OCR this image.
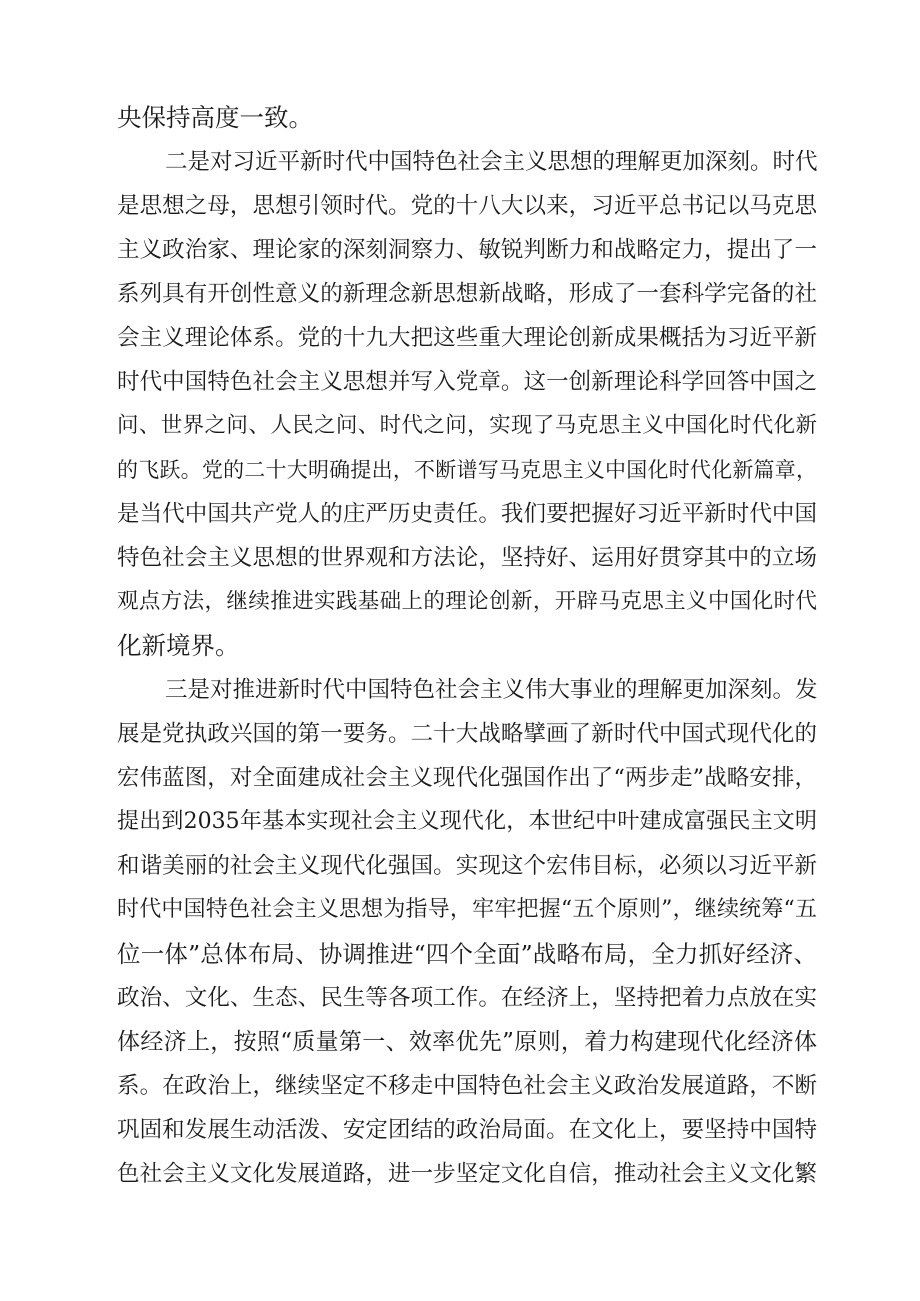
央保持高度一致。
二是对习近平新时代中国特色社会主义思想的理解更加深刻。时代
是思想之母，思想引领时代。党的十八大以来，习近平总书记以马克思
主义政治家、理论家的深刻洞察力、敏锐判断力和战略定力，提出了一
系列具有开创性意义的新理念新思想新战略，形成了一套科学完备的社
会主义理论体系。党的十九大把这些重大理论创新成果概括为习近平新
时代中国特色社会主义思想并写入党章。这一创新理论科学回答中国之
问、世界之问、人民之问、时代之问，实现了马克思主义中国化时代化新
的飞跃。党的二十大明确提出，不断谱写马克思主义中国化时代化新篇章，
是当代中国共产党人的庄严历史责任。我们要把握好习近平新时代中国
特色社会主义思想的世界观和方法论，坚持好、运用好贯穿其中的立场
观点方法，继续推进实践基础上的理论创新，开辟马克思主义中国化时代
化新境界。
三是对推进新时代中国特色社会主义伟大事业的理解更加深刻。发
展是党执政兴国的第一要务。二十大战略擘画了新时代中国式现代化的
宏伟蓝图，对全面建成社会主义现代化强国作出了“两步走”战略安排，
提出到2035年基本实现社会主义现代化，本世纪中叶建成富强民主文明
和谐美丽的社会主义现代化强国。实现这个宏伟目标，必须以习近平新
时代中国特色社会主义思想为指导，牢牢把握“五个原则”，继续统筹“五
位一体”总体布局、协调推进“四个全面”战略布局，全力抓好经济、
政治、文化、生态、民生等各项工作。在经济上，坚持把着力点放在实
体经济上，按照“质量第一、效率优先”原则，着力构建现代化经济体
系。在政治上，继续坚定不移走中国特色社会主义政治发展道路，不断
巩固和发展生动活泼、安定团结的政治局面。在文化上，要坚持中国特
色社会主义文化发展道路，进一步坚定文化自信，推动社会主义文化繁
